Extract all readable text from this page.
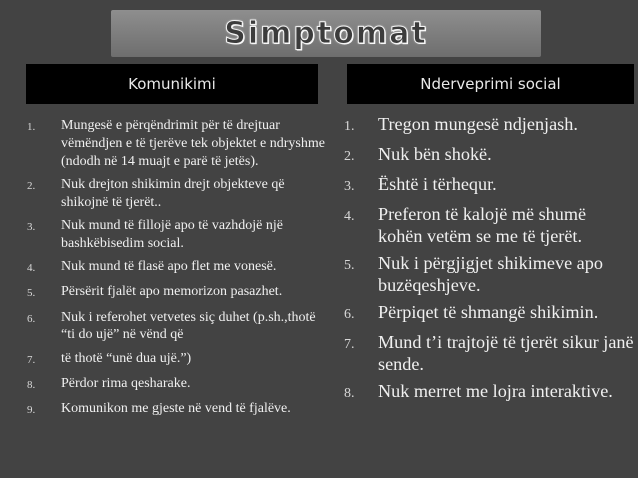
Simptomat
Komunikimi	Nderveprimi social
1.	Mungesë e përqëndrimit për të drejtuar vëmëndjen e të tjerëve tek objektet e ndryshme (ndodh në 14 muajt e parë të jetës).
2.	Nuk drejton shikimin drejt objekteve që shikojnë të tjerët..
3.	Nuk mund të fillojë apo të vazhdojë një bashkëbisedim social.
4.	Nuk mund të flasë apo flet me vonesë.
5.	Përsërit fjalët apo memorizon pasazhet.
6.	Nuk i referohet vetvetes siç duhet (p.sh.,thotë “ti do ujë” në vënd që
7.	të thotë “unë dua ujë.”)
8.	Përdor rima qesharake.
9.	Komunikon me gjeste në vend të fjalëve.
1.	Tregon mungesë ndjenjash.
2.	Nuk bën shokë.
3.	Është i tërhequr.
4.	Preferon të kalojë më shumë kohën vetëm se me të tjerët.
5.	Nuk i përgjigjet shikimeve apo buzëqeshjeve.
6.	Përpiqet të shmangë shikimin.
7.	Mund t’i trajtojë të tjerët sikur janë sende.
8.	Nuk merret me lojra interaktive.
